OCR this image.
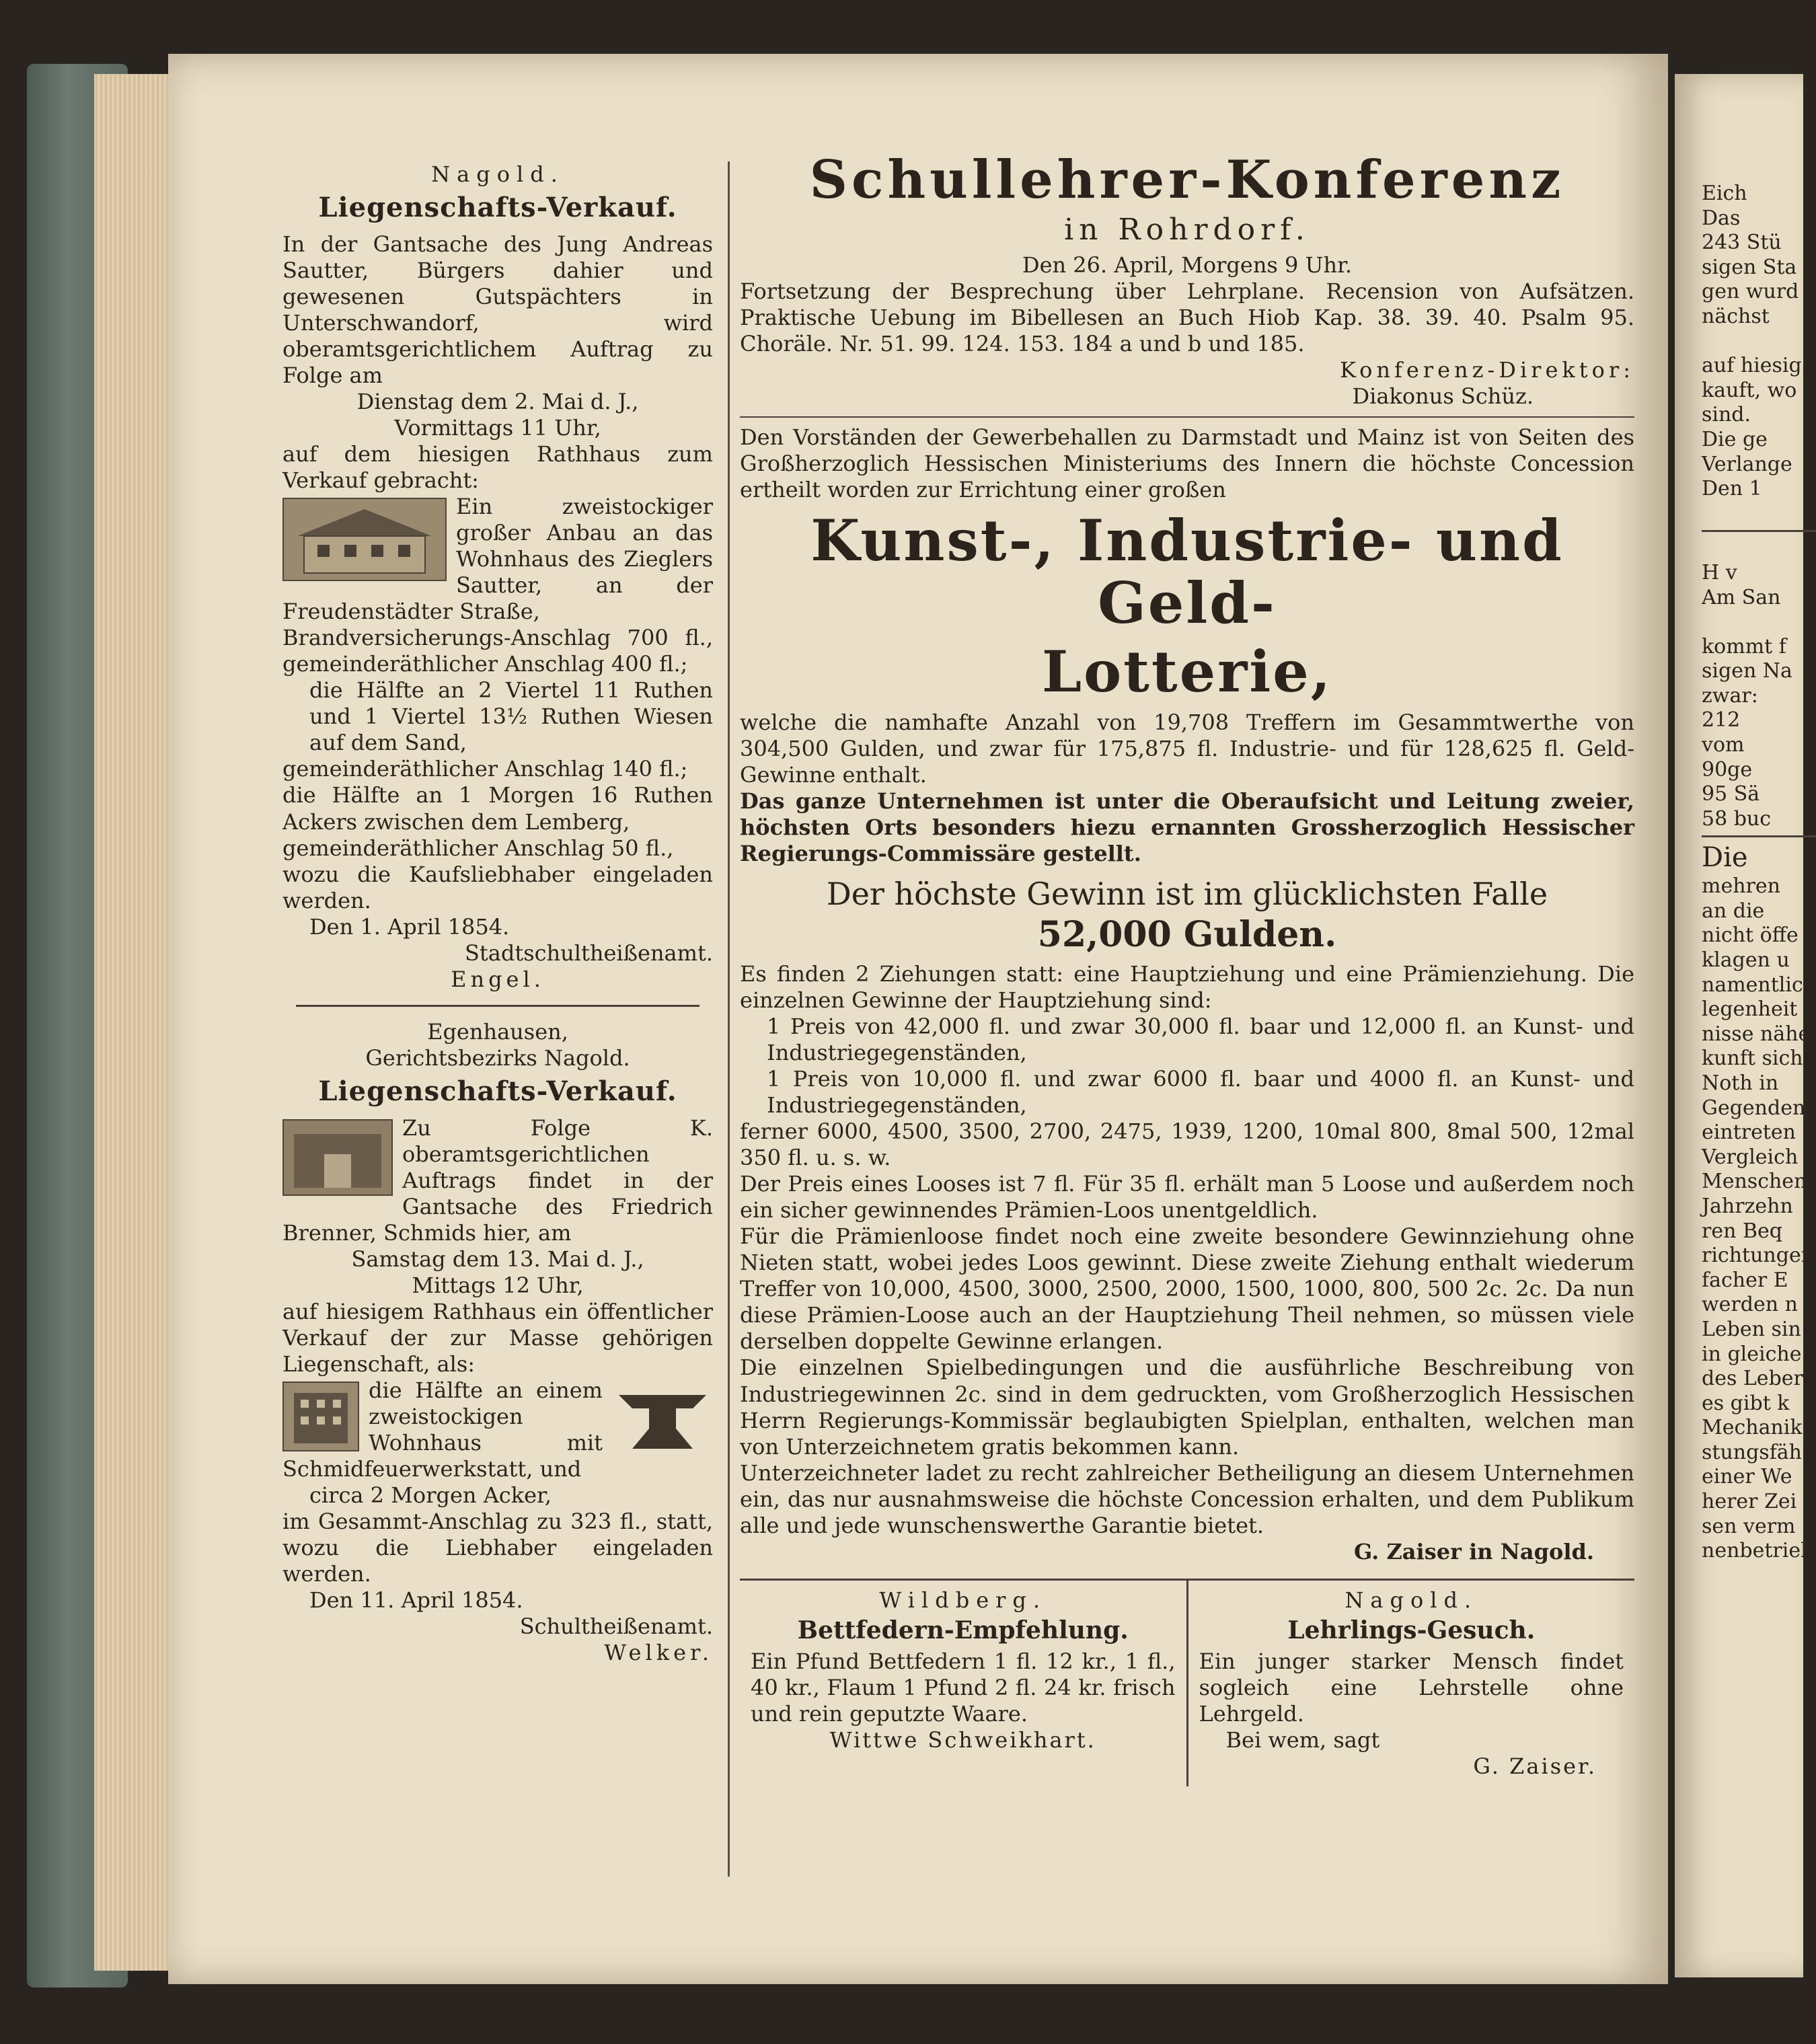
Nagold.

Liegenschafts-Verkauf.

In der Gantsache des Jung Andreas Sautter, Bürgers dahier und gewesenen Gutspächters in Unterschwandorf, wird oberamtsgerichtlichem Auftrag zu Folge am

Dienstag dem 2. Mai d. J.,

Vormittags 11 Uhr,

auf dem hiesigen Rathhaus zum Verkauf gebracht:

Ein zweistockiger großer Anbau an das Wohnhaus des Zieglers Sautter, an der Freudenstädter Straße,

Brandversicherungs-Anschlag 700 fl., gemeinderäthlicher Anschlag 400 fl.;

die Hälfte an 2 Viertel 11 Ruthen und 1 Viertel 13½ Ruthen Wiesen auf dem Sand,

gemeinderäthlicher Anschlag 140 fl.;

die Hälfte an 1 Morgen 16 Ruthen Ackers zwischen dem Lemberg,

gemeinderäthlicher Anschlag 50 fl.,

wozu die Kaufsliebhaber eingeladen werden.

Den 1. April 1854.

Stadtschultheißenamt.

Engel.

Egenhausen,

Gerichtsbezirks Nagold.

Liegenschafts-Verkauf.

Zu Folge K. oberamtsgerichtlichen Auftrags findet in der Gantsache des Friedrich Brenner, Schmids hier, am

Samstag dem 13. Mai d. J.,

Mittags 12 Uhr,

auf hiesigem Rathhaus ein öffentlicher Verkauf der zur Masse gehörigen Liegenschaft, als:

die Hälfte an einem zweistockigen Wohnhaus mit Schmidfeuerwerkstatt, und

circa 2 Morgen Acker,

im Gesammt-Anschlag zu 323 fl., statt, wozu die Liebhaber eingeladen werden.

Den 11. April 1854.

Schultheißenamt.

Welker.

Schullehrer-Konferenz

in Rohrdorf.

Den 26. April, Morgens 9 Uhr.

Fortsetzung der Besprechung über Lehrplane. Recension von Aufsätzen. Praktische Uebung im Bibellesen an Buch Hiob Kap. 38. 39. 40. Psalm 95. Choräle. Nr. 51. 99. 124. 153. 184 a und b und 185.

Konferenz-Direktor:

Diakonus Schüz.

Den Vorständen der Gewerbehallen zu Darmstadt und Mainz ist von Seiten des Großherzoglich Hessischen Ministeriums des Innern die höchste Concession ertheilt worden zur Errichtung einer großen

Kunst-, Industrie- und Geld-

Lotterie,

welche die namhafte Anzahl von 19,708 Treffern im Gesammtwerthe von 304,500 Gulden, und zwar für 175,875 fl. Industrie- und für 128,625 fl. Geld-Gewinne enthalt.

Das ganze Unternehmen ist unter die Oberaufsicht und Leitung zweier, höchsten Orts besonders hiezu ernannten Grossherzoglich Hessischer Regierungs-Commissäre gestellt.

Der höchste Gewinn ist im glücklichsten Falle

52,000 Gulden.

Es finden 2 Ziehungen statt: eine Hauptziehung und eine Prämienziehung. Die einzelnen Gewinne der Hauptziehung sind:

1 Preis von 42,000 fl. und zwar 30,000 fl. baar und 12,000 fl. an Kunst- und Industriegegenständen,

1 Preis von 10,000 fl. und zwar 6000 fl. baar und 4000 fl. an Kunst- und Industriegegenständen,

ferner 6000, 4500, 3500, 2700, 2475, 1939, 1200, 10mal 800, 8mal 500, 12mal 350 fl. u. s. w.

Der Preis eines Looses ist 7 fl. Für 35 fl. erhält man 5 Loose und außerdem noch ein sicher gewinnendes Prämien-Loos unentgeldlich.

Für die Prämienloose findet noch eine zweite besondere Gewinnziehung ohne Nieten statt, wobei jedes Loos gewinnt. Diese zweite Ziehung enthalt wiederum Treffer von 10,000, 4500, 3000, 2500, 2000, 1500, 1000, 800, 500 2c. 2c. Da nun diese Prämien-Loose auch an der Hauptziehung Theil nehmen, so müssen viele derselben doppelte Gewinne erlangen.

Die einzelnen Spielbedingungen und die ausführliche Beschreibung von Industriegewinnen 2c. sind in dem gedruckten, vom Großherzoglich Hessischen Herrn Regierungs-Kommissär beglaubigten Spielplan, enthalten, welchen man von Unterzeichnetem gratis bekommen kann.

Unterzeichneter ladet zu recht zahlreicher Betheiligung an diesem Unternehmen ein, das nur ausnahmsweise die höchste Concession erhalten, und dem Publikum alle und jede wunschenswerthe Garantie bietet.

G. Zaiser in Nagold.

Wildberg.

Bettfedern-Empfehlung.

Ein Pfund Bettfedern 1 fl. 12 kr., 1 fl., 40 kr., Flaum 1 Pfund 2 fl. 24 kr. frisch und rein geputzte Waare.

Wittwe Schweikhart.

Nagold.

Lehrlings-Gesuch.

Ein junger starker Mensch findet sogleich eine Lehrstelle ohne Lehrgeld.

Bei wem, sagt

G. Zaiser.

Eich

Das

243 Stü

sigen Sta

gen wurd

nächst

auf hiesig

kauft, wo

sind.

Die ge

Verlange

Den 1

H v

Am San

kommt f

sigen Na

zwar:

212

vom

90ge

95 Sä

58 buc

Die

mehren

an die

nicht öffe

klagen u

namentlich

legenheit

nisse nähe

kunft sich

Noth in

Gegenden

eintreten

Vergleich

Menschen

Jahrzehn

ren Beq

richtunger

facher E

werden n

Leben sin

in gleiche

des Leber

es gibt k

Mechanik

stungsfäh

einer We

herer Zei

sen verm

nenbetrieb
